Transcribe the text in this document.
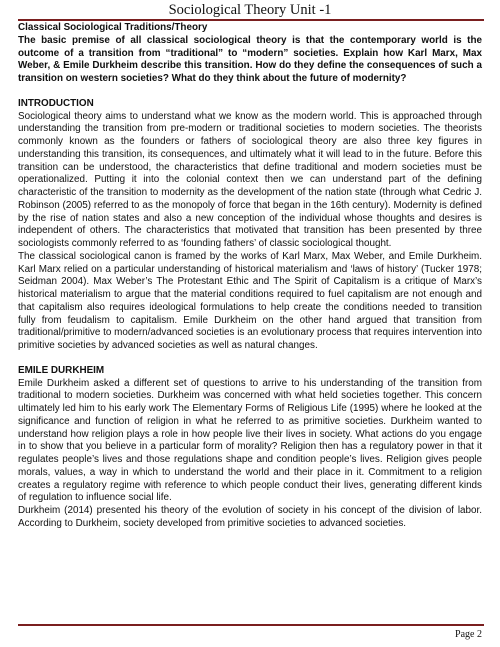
Sociological Theory Unit -1

Classical Sociological Traditions/Theory

The basic premise of all classical sociological theory is that the contemporary world is the outcome of a transition from “traditional” to “modern” societies. Explain how Karl Marx, Max Weber, & Emile Durkheim describe this transition. How do they define the consequences of such a transition on western societies? What do they think about the future of modernity?

INTRODUCTION

Sociological theory aims to understand what we know as the modern world. This is approached through understanding the transition from pre-modern or traditional societies to modern societies. The theorists commonly known as the founders or fathers of sociological theory are also three key figures in understanding this transition, its consequences, and ultimately what it will lead to in the future. Before this transition can be understood, the characteristics that define traditional and modern societies must be operationalized. Putting it into the colonial context then we can understand part of the defining characteristic of the transition to modernity as the development of the nation state (through what Cedric J. Robinson (2005) referred to as the monopoly of force that began in the 16th century). Modernity is defined by the rise of nation states and also a new conception of the individual whose thoughts and desires is independent of others. The characteristics that motivated that transition has been presented by three sociologists commonly referred to as ‘founding fathers’ of classic sociological thought.

The classical sociological canon is framed by the works of Karl Marx, Max Weber, and Emile Durkheim. Karl Marx relied on a particular understanding of historical materialism and ‘laws of history’ (Tucker 1978; Seidman 2004). Max Weber’s The Protestant Ethic and The Spirit of Capitalism is a critique of Marx’s historical materialism to argue that the material conditions required to fuel capitalism are not enough and that capitalism also requires ideological formulations to help create the conditions needed to transition fully from feudalism to capitalism. Emile Durkheim on the other hand argued that transition from traditional/primitive to modern/advanced societies is an evolutionary process that requires intervention into primitive societies by advanced societies as well as natural changes.

EMILE DURKHEIM

Emile Durkheim asked a different set of questions to arrive to his understanding of the transition from traditional to modern societies. Durkheim was concerned with what held societies together. This concern ultimately led him to his early work The Elementary Forms of Religious Life (1995) where he looked at the significance and function of religion in what he referred to as primitive societies. Durkheim wanted to understand how religion plays a role in how people live their lives in society. What actions do you engage in to show that you believe in a particular form of morality? Religion then has a regulatory power in that it regulates people’s lives and those regulations shape and condition people’s lives. Religion gives people morals, values, a way in which to understand the world and their place in it. Commitment to a religion creates a regulatory regime with reference to which people conduct their lives, generating different kinds of regulation to influence social life.

Durkheim (2014) presented his theory of the evolution of society in his concept of the division of labor. According to Durkheim, society developed from primitive societies to advanced societies.

Page 2
